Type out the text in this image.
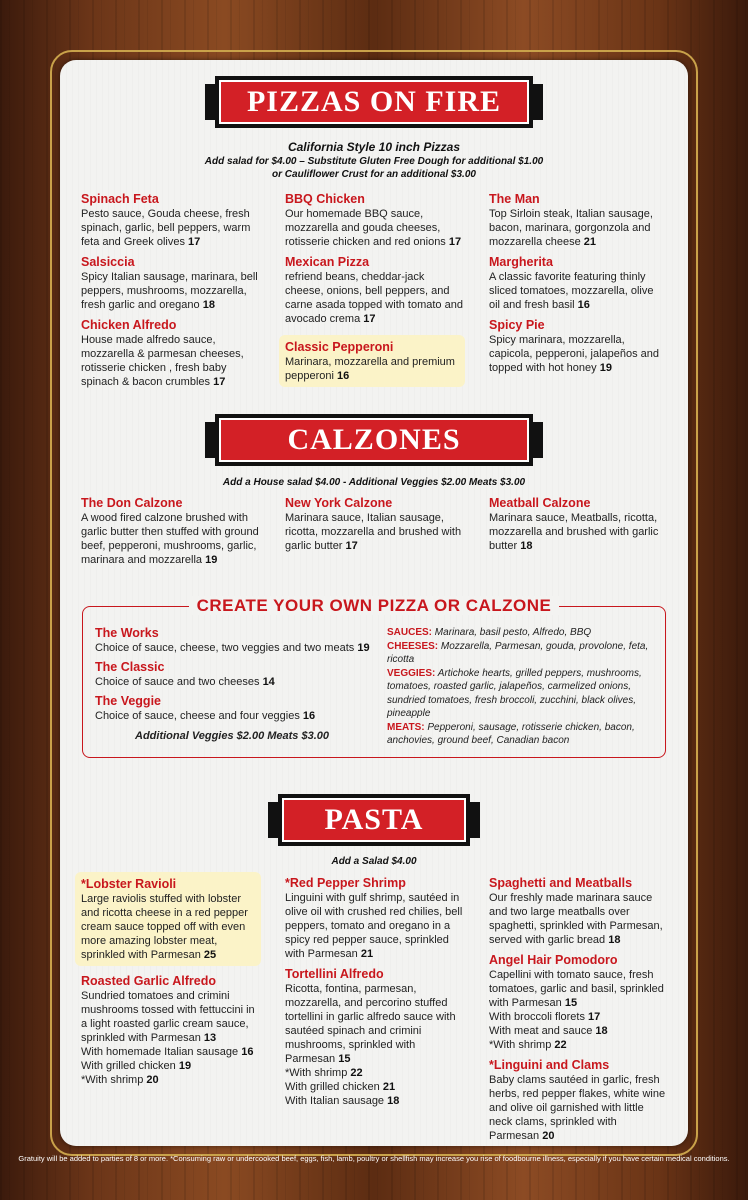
PIZZAS ON FIRE
California Style 10 inch Pizzas
Add salad for $4.00 – Substitute Gluten Free Dough for additional $1.00
or Cauliflower Crust for an additional $3.00
Spinach Feta
Pesto sauce, Gouda cheese, fresh spinach, garlic, bell peppers, warm feta and Greek olives 17
Salsiccia
Spicy Italian sausage, marinara, bell peppers, mushrooms, mozzarella, fresh garlic and oregano 18
Chicken Alfredo
House made alfredo sauce, mozzarella & parmesan cheeses, rotisserie chicken , fresh baby spinach & bacon crumbles 17
BBQ Chicken
Our homemade BBQ sauce, mozzarella and gouda cheeses, rotisserie chicken and red onions 17
Mexican Pizza
refriend beans, cheddar-jack cheese, onions, bell peppers, and carne asada topped with tomato and avocado crema 17
Classic Pepperoni
Marinara, mozzarella and premium pepperoni 16
The Man
Top Sirloin steak, Italian sausage, bacon, marinara, gorgonzola and mozzarella cheese 21
Margherita
A classic favorite featuring thinly sliced tomatoes, mozzarella, olive oil and fresh basil 16
Spicy Pie
Spicy marinara, mozzarella, capicola, pepperoni, jalapeños and topped with hot honey 19
CALZONES
Add a House salad $4.00 - Additional Veggies $2.00 Meats $3.00
The Don Calzone
A wood fired calzone brushed with garlic butter then stuffed with ground beef, pepperoni, mushrooms, garlic, marinara and mozzarella 19
New York Calzone
Marinara sauce, Italian sausage, ricotta, mozzarella and brushed with garlic butter 17
Meatball Calzone
Marinara sauce, Meatballs, ricotta, mozzarella and brushed with garlic butter 18
CREATE YOUR OWN PIZZA OR CALZONE
The Works
Choice of sauce, cheese, two veggies and two meats 19
The Classic
Choice of sauce and two cheeses 14
The Veggie
Choice of sauce, cheese and four veggies 16
Additional Veggies $2.00 Meats $3.00
SAUCES: Marinara, basil pesto, Alfredo, BBQ
CHEESES: Mozzarella, Parmesan, gouda, provolone, feta, ricotta
VEGGIES: Artichoke hearts, grilled peppers, mushrooms, tomatoes, roasted garlic, jalapeños, carmelized onions, sundried tomatoes, fresh broccoli, zucchini, black olives, pineapple
MEATS: Pepperoni, sausage, rotisserie chicken, bacon, anchovies, ground beef, Canadian bacon
PASTA
Add a Salad $4.00
*Lobster Ravioli
Large raviolis stuffed with lobster and ricotta cheese in a red pepper cream sauce topped off with even more amazing lobster meat, sprinkled with Parmesan 25
Roasted Garlic Alfredo
Sundried tomatoes and crimini mushrooms tossed with fettuccini in a light roasted garlic cream sauce, sprinkled with Parmesan 13
With homemade Italian sausage 16
With grilled chicken 19
*With shrimp 20
*Red Pepper Shrimp
Linguini with gulf shrimp, sautéed in olive oil with crushed red chilies, bell peppers, tomato and oregano in a spicy red pepper sauce, sprinkled with Parmesan 21
Tortellini Alfredo
Ricotta, fontina, parmesan, mozzarella, and percorino stuffed tortellini in garlic alfredo sauce with sautéed spinach and crimini mushrooms, sprinkled with Parmesan 15
*With shrimp 22
With grilled chicken 21
With Italian sausage 18
Spaghetti and Meatballs
Our freshly made marinara sauce and two large meatballs over spaghetti, sprinkled with Parmesan, served with garlic bread 18
Angel Hair Pomodoro
Capellini with tomato sauce, fresh tomatoes, garlic and basil, sprinkled with Parmesan 15
With broccoli florets 17
With meat and sauce 18
*With shrimp 22
*Linguini and Clams
Baby clams sautéed in garlic, fresh herbs, red pepper flakes, white wine and olive oil garnished with little neck clams, sprinkled with Parmesan 20
Gratuity will be added to parties of 8 or more. *Consuming raw or undercooked beef, eggs, fish, lamb, poultry or shellfish may increase you rise of foodbourne illness, especially if you have certain medical conditions.
